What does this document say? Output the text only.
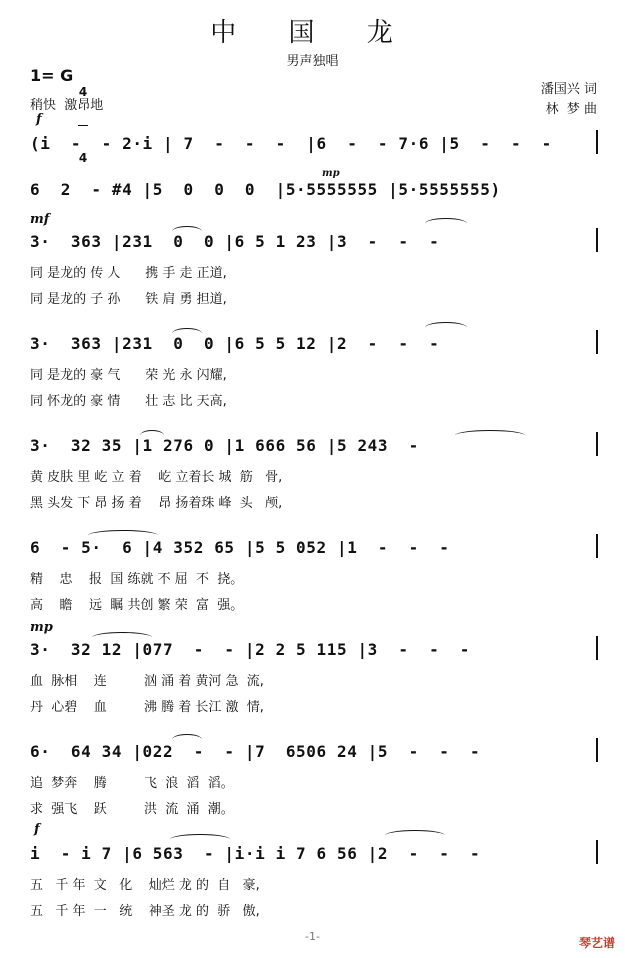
中 国 龙
男声独唱
1= G

4

4

稍快  激昂地
潘国兴 词
林  梦 曲
f
mp
mf
mp
f
(i  -  - 2·i | 7  -  -  -  |6  -  - 7·6 |5  -  -  -
6  2  - #4 |5  0  0  0  |5·5555555 |5·5555555)
3·  363 |231  0  0 |6 5 1 23 |3  -  -  -
同 是龙的 传 人      携 手 走 正道,
同 是龙的 子 孙      铁 肩 勇 担道,
3·  363 |231  0  0 |6 5 5 12 |2  -  -  -
同 是龙的 豪 气      荣 光 永 闪耀,
同 怀龙的 豪 情      壮 志 比 天高,
3·  32 35 |1 276 0 |1 666 56 |5 243  -
黄 皮肤 里 屹 立 着    屹 立着长 城  筋   骨,
黑 头发 下 昂 扬 着    昂 扬着珠 峰  头   颅,
6  - 5·  6 |4 352 65 |5 5 052 |1  -  -  -
精    忠    报  国 练就 不 屈  不  挠。
高    瞻    远  瞩 共创 繁 荣  富  强。
3·  32 12 |077  -  - |2 2 5 115 |3  -  -  -
血  脉相    连         汹 涌 着 黄河 急  流,
丹  心碧    血         沸 腾 着 长江 激  情,
6·  64 34 |022  -  - |7  6506 24 |5  -  -  -
追  梦奔    腾         飞  浪  滔  滔。
求  强飞    跃         洪  流  涌  潮。
i  - i 7 |6 563  - |i·i i 7 6 56 |2  -  -  -
五   千 年  文   化    灿烂 龙 的  自   豪,
五   千 年  一   统    神圣 龙 的  骄   傲,
-1-	琴艺谱
